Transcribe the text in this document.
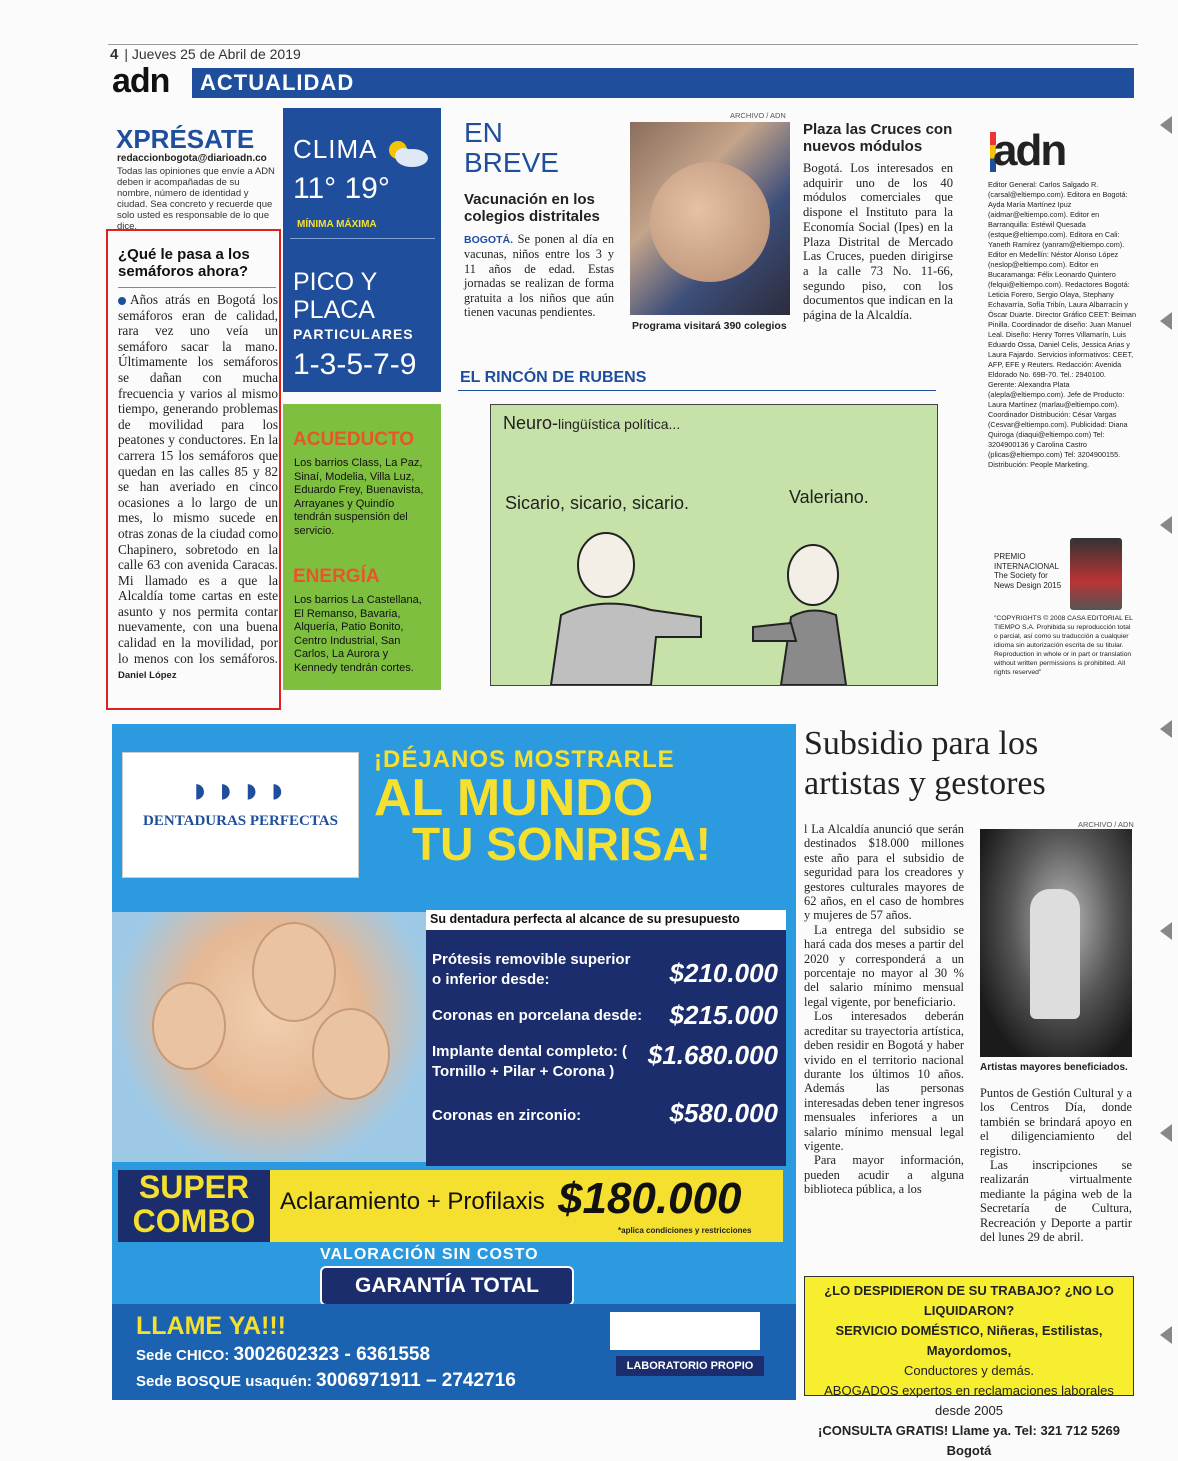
4 | Jueves 25 de Abril de 2019
adn ACTUALIDAD
XPRÉSATE
redaccionbogota@diarioadn.co
Todas las opiniones que envíe a ADN deben ir acompañadas de su nombre, número de identidad y ciudad. Sea concreto y recuerde que solo usted es responsable de lo que dice.
¿Qué le pasa a los semáforos ahora?
Años atrás en Bogotá los semáforos eran de calidad, rara vez uno veía un semáforo sacar la mano. Últimamente los semáforos se dañan con mucha frecuencia y varios al mismo tiempo, generando problemas de movilidad para los peatones y conductores. En la carrera 15 los semáforos que quedan en las calles 85 y 82 se han averiado en cinco ocasiones a lo largo de un mes, lo mismo sucede en otras zonas de la ciudad como Chapinero, sobretodo en la calle 63 con avenida Caracas. Mi llamado es a que la Alcaldía tome cartas en este asunto y nos permita contar nuevamente, con una buena calidad en la movilidad, por lo menos con los semáforos. Daniel López
CLIMA
11° 19°
MÍNIMA MÁXIMA
PICO Y PLACA
PARTICULARES
1-3-5-7-9
ACUEDUCTO
Los barrios Class, La Paz, Sinaí, Modelia, Villa Luz, Eduardo Frey, Buenavista, Arrayanes y Quindío tendrán suspensión del servicio.
ENERGÍA
Los barrios La Castellana, El Remanso, Bavaria, Alquería, Patio Bonito, Centro Industrial, San Carlos, La Aurora y Kennedy tendrán cortes.
EN BREVE
Vacunación en los colegios distritales
BOGOTÁ. Se ponen al día en vacunas, niños entre los 3 y 11 años de edad. Estas jornadas se realizan de forma gratuita a los niños que aún tienen vacunas pendientes.
ARCHIVO / ADN
Programa visitará 390 colegios
Plaza las Cruces con nuevos módulos
Bogotá. Los interesados en adquirir uno de los 40 módulos comerciales que dispone el Instituto para la Economía Social (Ipes) en la Plaza Distrital de Mercado Las Cruces, pueden dirigirse a la calle 73 No. 11-66, segundo piso, con los documentos que indican en la página de la Alcaldía.
EL RINCÓN DE RUBENS
Neuro-lingüística política...
Sicario, sicario, sicario.	Valeriano.
adn
Editor General: Carlos Salgado R. (carsal@eltiempo.com). Editora en Bogotá: Ayda María Martínez Ipuz (aidmar@eltiempo.com). Editor en Barranquilla: Estéwil Quesada (estque@eltiempo.com). Editora en Cali: Yaneth Ramírez (yanram@eltiempo.com). Editor en Medellín: Néstor Alonso López (neslop@eltiempo.com). Editor en Bucaramanga: Félix Leonardo Quintero (felqui@eltiempo.com). Redactores Bogotá: Leticia Forero, Sergio Olaya, Stephany Echavarría, Sofía Tribín, Laura Albarracín y Óscar Duarte. Director Gráfico CEET: Beiman Pinilla. Coordinador de diseño: Juan Manuel Leal. Diseño: Henry Torres Villamarín, Luis Eduardo Ossa, Daniel Celis, Jessica Arias y Laura Fajardo. Servicios informativos: CEET, AFP, EFE y Reuters. Redacción: Avenida Eldorado No. 69B-70. Tel.: 2940100. Gerente: Alexandra Plata (aleplа@eltiempo.com). Jefe de Producto: Laura Martínez (marlau@eltiempo.com). Coordinador Distribución: César Vargas (Cesvar@eltiempo.com). Publicidad: Diana Quiroga (diaqui@eltiempo.com) Tel: 3204900136 y Carolina Castro (plicas@eltiempo.com) Tel: 3204900155. Distribución: People Marketing.
PREMIO INTERNACIONAL The Society for News Design 2015
"COPYRIGHTS © 2008 CASA EDITORIAL EL TIEMPO S.A. Prohibida su reproducción total o parcial, así como su traducción a cualquier idioma sin autorización escrita de su titular. Reproduction in whole or in part or translation without written permissions is prohibited. All rights reserved"
Subsidio para los artistas y gestores

l La Alcaldía anunció que serán destinados $18.000 millones este año para el subsidio de seguridad para los creadores y gestores culturales mayores de 62 años, en el caso de hombres y mujeres de 57 años.

La entrega del subsidio se hará cada dos meses a partir del 2020 y corresponderá a un porcentaje no mayor al 30 % del salario mínimo mensual legal vigente, por beneficiario.

Los interesados deberán acreditar su trayectoria artística, deben residir en Bogotá y haber vivido en el territorio nacional durante los últimos 10 años. Además las personas interesadas deben tener ingresos mensuales inferiores a un salario mínimo mensual legal vigente.

Para mayor información, pueden acudir a alguna biblioteca pública, a los

ARCHIVO / ADN
Artistas mayores beneficiados.

Puntos de Gestión Cultural y a los Centros Día, donde también se brindará apoyo en el diligenciamiento del registro.

Las inscripciones se realizarán virtualmente mediante la página web de la Secretaría de Cultura, Recreación y Deporte a partir del lunes 29 de abril.

¿LO DESPIDIERON DE SU TRABAJO? ¿NO LO LIQUIDARON?
SERVICIO DOMÉSTICO, Niñeras, Estilistas, Mayordomos,
Conductores y demás.
ABOGADOS expertos en reclamaciones laborales desde 2005
¡CONSULTA GRATIS! Llame ya. Tel: 321 712 5269 Bogotá
◗◗◗◗
DENTADURAS PERFECTAS
¡DÉJANOS MOSTRARLE
AL MUNDO
TU SONRISA!
Su dentadura perfecta al alcance de su presupuesto
Prótesis removible superior o inferior desde:	$210.000
Coronas en porcelana desde: $215.000
Implante dental completo: ( Tornillo + Pilar + Corona )
$1.680.000
Coronas en zirconio:	$580.000
SUPER
COMBO
Aclaramiento + Profilaxis $180.000
*aplica condiciones y restricciones
VALORACIÓN SIN COSTO
GARANTÍA TOTAL
LLAME YA!!!
Sede CHICO: 3002602323 - 6361558
Sede BOSQUE usaquén: 3006971911 – 2742716
LABORATORIO PROPIO
